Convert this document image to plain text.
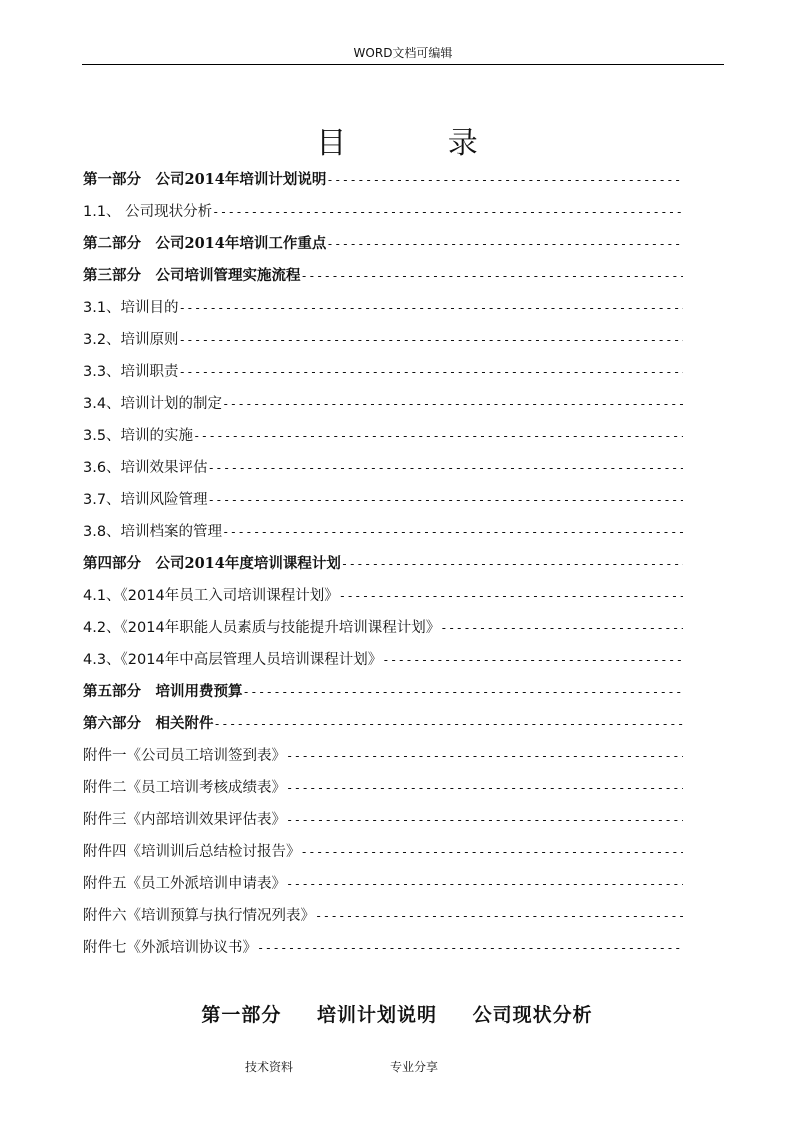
WORD文档可编辑
目 录
第一部分　公司2014年培训计划说明
-----
1.1、 公司现状分析
-----
第二部分　公司2014年培训工作重点
-----
第三部分　公司培训管理实施流程
-----
3.1、培训目的
-----
3.2、培训原则
-----
3.3、培训职责
-----
3.4、培训计划的制定
-----
3.5、培训的实施
-----
3.6、培训效果评估
-----
3.7、培训风险管理
-----
3.8、培训档案的管理
-----
第四部分　公司2014年度培训课程计划
-----
4.1、《2014年员工入司培训课程计划》
-----
4.2、《2014年职能人员素质与技能提升培训课程计划》
-----
4.3、《2014年中高层管理人员培训课程计划》
-----
第五部分　培训用费预算
-----
第六部分　相关附件
-----
附件一《公司员工培训签到表》
-----
附件二《员工培训考核成绩表》
-----
附件三《内部培训效果评估表》
-----
附件四《培训训后总结检讨报告》
-----
附件五《员工外派培训申请表》
-----
附件六《培训预算与执行情况列表》
-----
附件七《外派培训协议书》
-----
第一部分 培训计划说明 公司现状分析
技术资料	专业分享
